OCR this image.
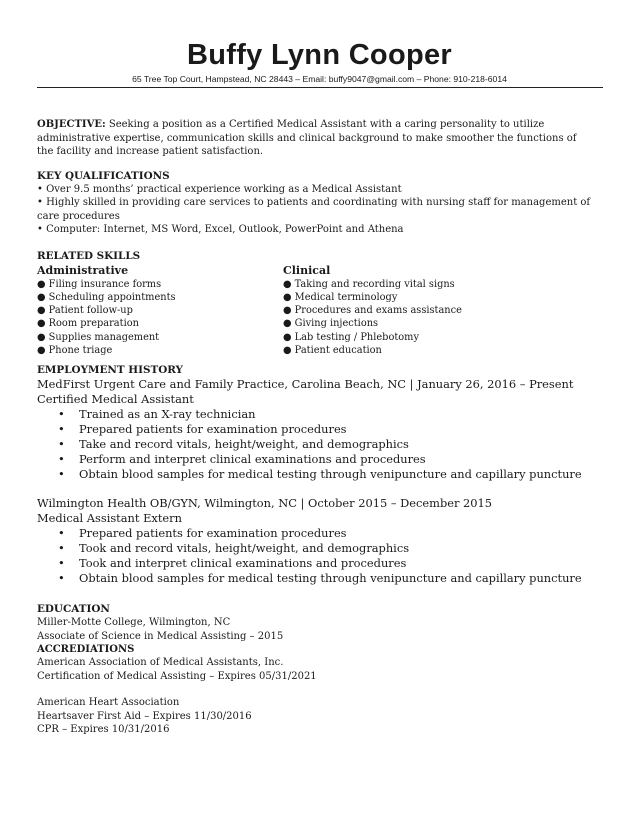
Buffy Lynn Cooper
65 Tree Top Court, Hampstead, NC 28443 – Email: buffy9047@gmail.com – Phone: 910-218-6014
OBJECTIVE: Seeking a position as a Certified Medical Assistant with a caring personality to utilize administrative expertise, communication skills and clinical background to make smoother the functions of the facility and increase patient satisfaction.
KEY QUALIFICATIONS
• Over 9.5 months’ practical experience working as a Medical Assistant
• Highly skilled in providing care services to patients and coordinating with nursing staff for management of care procedures
• Computer: Internet, MS Word, Excel, Outlook, PowerPoint and Athena
RELATED SKILLS
Administrative
● Filing insurance forms
● Scheduling appointments
● Patient follow-up
● Room preparation
● Supplies management
● Phone triage
Clinical
● Taking and recording vital signs
● Medical terminology
● Procedures and exams assistance
● Giving injections
● Lab testing / Phlebotomy
● Patient education
EMPLOYMENT HISTORY
MedFirst Urgent Care and Family Practice, Carolina Beach, NC | January 26, 2016 – Present
Certified Medical Assistant
• Trained as an X-ray technician
• Prepared patients for examination procedures
• Take and record vitals, height/weight, and demographics
• Perform and interpret clinical examinations and procedures
• Obtain blood samples for medical testing through venipuncture and capillary puncture
Wilmington Health OB/GYN, Wilmington, NC | October 2015 – December 2015
Medical Assistant Extern
• Prepared patients for examination procedures
• Took and record vitals, height/weight, and demographics
• Took and interpret clinical examinations and procedures
• Obtain blood samples for medical testing through venipuncture and capillary puncture
EDUCATION
Miller-Motte College, Wilmington, NC
Associate of Science in Medical Assisting – 2015
ACCREDIATIONS
American Association of Medical Assistants, Inc.
Certification of Medical Assisting – Expires 05/31/2021
American Heart Association
Heartsaver First Aid – Expires 11/30/2016
CPR – Expires 10/31/2016
